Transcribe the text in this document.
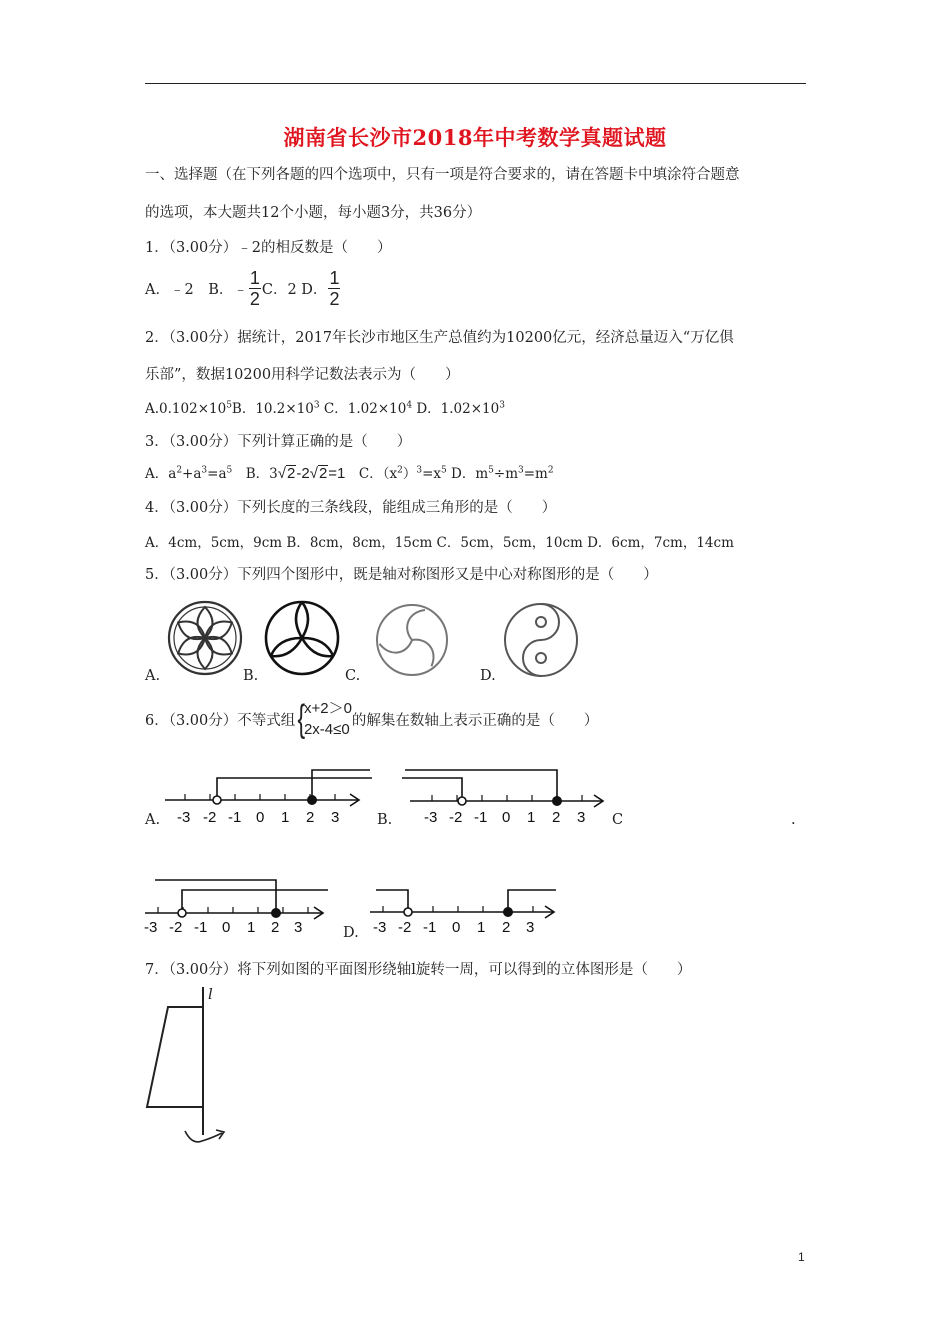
湖南省长沙市2018年中考数学真题试题
一、选择题（在下列各题的四个选项中，只有一项是符合要求的，请在答题卡中填涂符合题意
的选项，本大题共12个小题，每小题3分，共36分）
1．（3.00分）﹣2的相反数是（　　）
A．﹣2　B． ﹣ $\frac{1}{2}$ C．2 D． $\frac{1}{2}$
2．（3.00分）据统计，2017年长沙市地区生产总值约为10200亿元，经济总量迈入“万亿俱
乐部”，数据10200用科学记数法表示为（　　）
$A.0.102\times 10^5B$．$10.2\times 10^3$ C．$1.02\times 10^4$ D．$1.02\times 10^3$
3．（3.00分）下列计算正确的是（　　）
A．$a^2+a^3=a^5$　B．3√2-2√2=1　C．$(x^2)^3=x^5$ D．$m^5\div m^3=m^2$
4．（3.00分）下列长度的三条线段，能组成三角形的是（　　）
A．4cm，5cm，9cm B．8cm，8cm，15cm C．5cm，5cm，10cm D．6cm，7cm，14cm
5．（3.00分）下列四个图形中，既是轴对称图形又是中心对称图形的是（　　）
A.	B.	C.	D.
6．（3.00分）不等式组 {
x+2＞0
2x-4≤0
的解集在数轴上表示正确的是（　　）
-3 -2 -1 0 1 2 3	-3 -2 -1 0 1 2 3
-3 -2 -1 0 1 2 3	-3 -2 -1 0 1 2 3
A.	B.	C	.
D.
7．（3.00分）将下列如图的平面图形绕轴l旋转一周，可以得到的立体图形是（　　）
l
1
